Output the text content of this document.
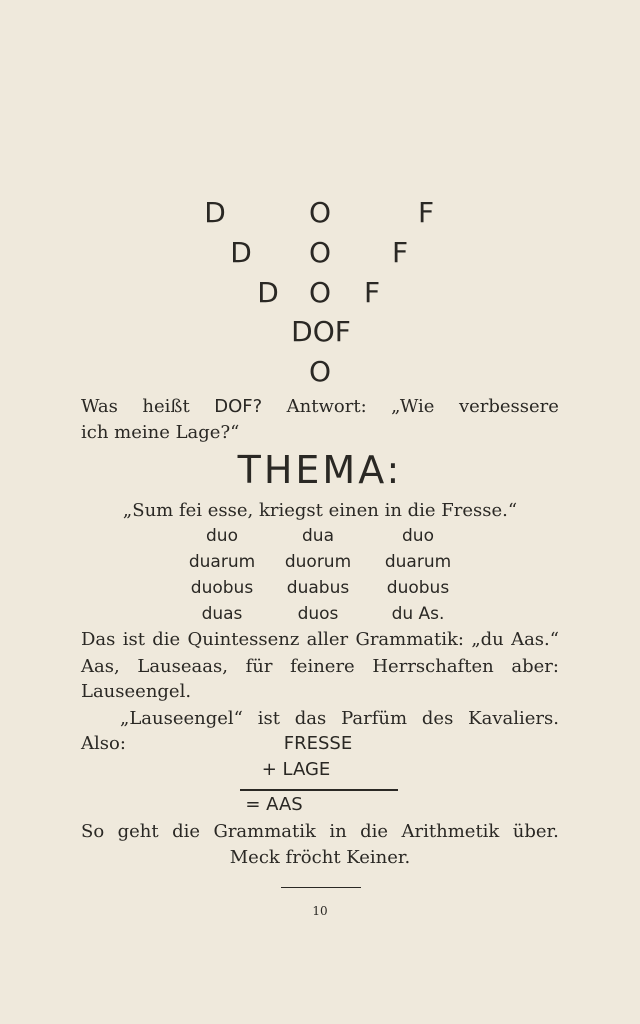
D	O	F
D O F
D O F
DOF
O
Was heißt DOF? Antwort: „Wie verbessere
ich meine Lage?“
THEMA:
„Sum fei esse, kriegst einen in die Fresse.“
duo	dua	duo
duarum duorum duarum
duobus duabus duobus
duas	duos	du As.
Das ist die Quintessenz aller Grammatik: „du Aas.“
Aas, Lauseaas, für feinere Herrschaften aber:
Lauseengel.
„Lauseengel“ ist das Parfüm des Kavaliers.
Also:	FRESSE
+ LAGE
= AAS
So geht die Grammatik in die Arithmetik über.
Meck fröcht Keiner.
10
